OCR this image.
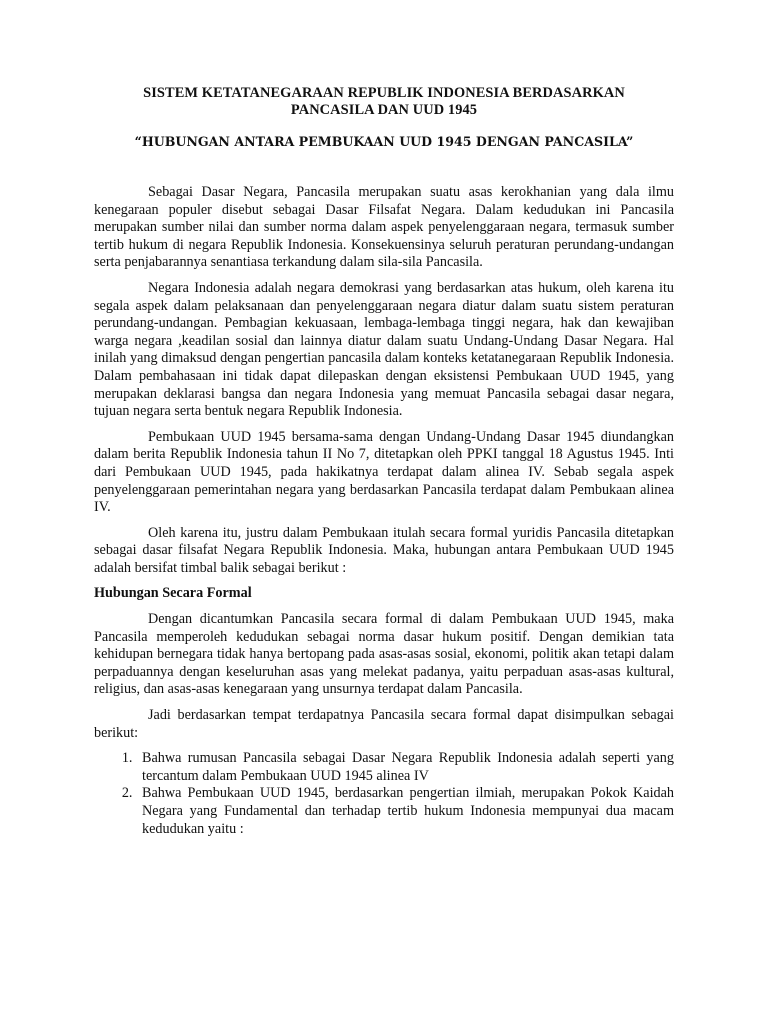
SISTEM KETATANEGARAAN REPUBLIK INDONESIA BERDASARKAN
PANCASILA DAN UUD 1945

“HUBUNGAN ANTARA PEMBUKAAN UUD 1945 DENGAN PANCASILA”

Sebagai Dasar Negara, Pancasila merupakan suatu asas kerokhanian yang dala ilmu kenegaraan populer disebut sebagai Dasar Filsafat Negara. Dalam kedudukan ini Pancasila merupakan sumber nilai dan sumber norma dalam aspek penyelenggaraan negara, termasuk sumber tertib hukum di negara Republik Indonesia. Konsekuensinya seluruh peraturan perundang-undangan serta penjabarannya senantiasa terkandung dalam sila-sila Pancasila.

Negara Indonesia adalah negara demokrasi yang berdasarkan atas hukum, oleh karena itu segala aspek dalam pelaksanaan dan penyelenggaraan negara diatur dalam suatu sistem peraturan perundang-undangan. Pembagian kekuasaan, lembaga-lembaga tinggi negara, hak dan kewajiban warga negara ,keadilan sosial dan lainnya diatur dalam suatu Undang-Undang Dasar Negara. Hal inilah yang dimaksud dengan pengertian pancasila dalam konteks ketatanegaraan Republik Indonesia. Dalam pembahasaan ini tidak dapat dilepaskan dengan eksistensi Pembukaan UUD 1945, yang merupakan deklarasi bangsa dan negara Indonesia yang memuat Pancasila sebagai dasar negara, tujuan negara serta bentuk negara Republik Indonesia.

Pembukaan UUD 1945 bersama-sama dengan Undang-Undang Dasar 1945 diundangkan dalam berita Republik Indonesia tahun II No 7, ditetapkan oleh PPKI tanggal 18 Agustus 1945. Inti dari Pembukaan UUD 1945, pada hakikatnya terdapat dalam alinea IV. Sebab segala aspek penyelenggaraan pemerintahan negara yang berdasarkan Pancasila terdapat dalam Pembukaan alinea IV.

Oleh karena itu, justru dalam Pembukaan itulah secara formal yuridis Pancasila ditetapkan sebagai dasar filsafat Negara Republik Indonesia. Maka, hubungan antara Pembukaan UUD 1945 adalah bersifat timbal balik sebagai berikut :

Hubungan Secara Formal

Dengan dicantumkan Pancasila secara formal di dalam Pembukaan UUD 1945, maka Pancasila memperoleh kedudukan sebagai norma dasar hukum positif. Dengan demikian tata kehidupan bernegara tidak hanya bertopang pada asas-asas sosial, ekonomi, politik akan tetapi dalam perpaduannya dengan keseluruhan asas yang melekat padanya, yaitu perpaduan asas-asas kultural, religius, dan asas-asas kenegaraan yang unsurnya terdapat dalam Pancasila.

Jadi berdasarkan tempat terdapatnya Pancasila secara formal dapat disimpulkan sebagai berikut:

1. Bahwa rumusan Pancasila sebagai Dasar Negara Republik Indonesia adalah seperti yang tercantum dalam Pembukaan UUD 1945 alinea IV
2. Bahwa Pembukaan UUD 1945, berdasarkan pengertian ilmiah, merupakan Pokok Kaidah Negara yang Fundamental dan terhadap tertib hukum Indonesia mempunyai dua macam kedudukan yaitu :
